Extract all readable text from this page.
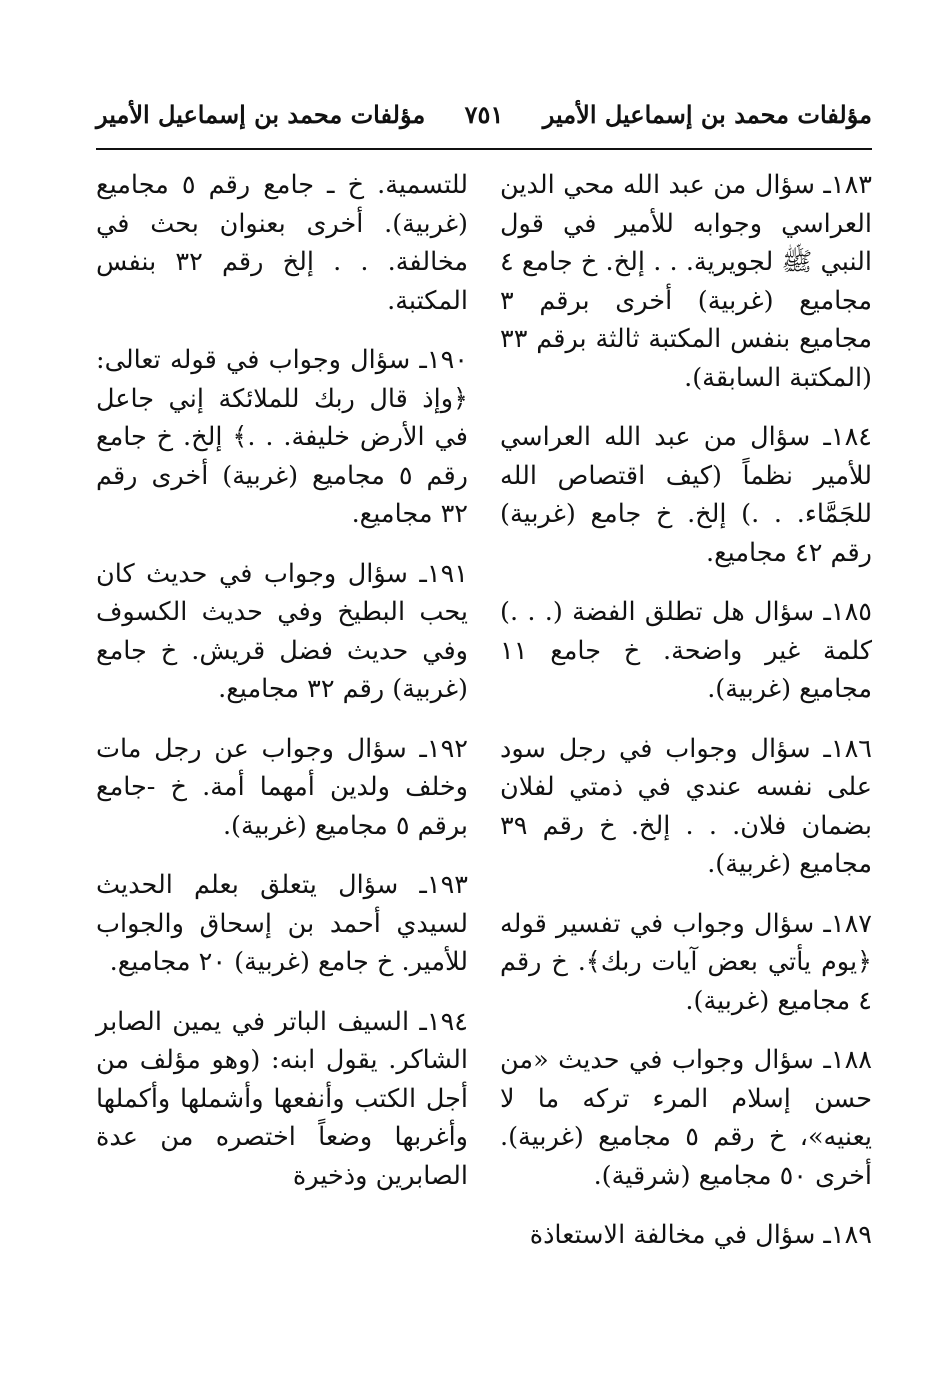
مؤلفات محمد بن إسماعيل الأمير
٧٥١
مؤلفات محمد بن إسماعيل الأمير

١٨٣ـ سؤال من عبد الله محي الدين العراسي وجوابه للأمير في قول النبي ﷺ لجويرية. . . إلخ. خ جامع ٤ مجاميع (غربية) أخرى برقم ٣ مجاميع بنفس المكتبة ثالثة برقم ٣٣ (المكتبة السابقة).

١٨٤ـ سؤال من عبد الله العراسي للأمير نظماً (كيف اقتصاص الله للجَمَّاء. . .) إلخ. خ جامع (غربية) رقم ٤٢ مجاميع.

١٨٥ـ سؤال هل تطلق الفضة (. . .) كلمة غير واضحة. خ جامع ١١ مجاميع (غربية).

١٨٦ـ سؤال وجواب في رجل سود على نفسه عندي في ذمتي لفلان بضمان فلان. . . إلخ. خ رقم ٣٩ مجاميع (غربية).

١٨٧ـ سؤال وجواب في تفسير قوله ﴿يوم يأتي بعض آيات ربك﴾. خ رقم ٤ مجاميع (غربية).

١٨٨ـ سؤال وجواب في حديث «من حسن إسلام المرء تركه ما لا يعنيه»، خ رقم ٥ مجاميع (غربية). أخرى ٥٠ مجاميع (شرقية).

١٨٩ـ سؤال في مخالفة الاستعاذة

للتسمية. خ ـ جامع رقم ٥ مجاميع (غربية). أخرى بعنوان بحث في مخالفة. . . إلخ رقم ٣٢ بنفس المكتبة.

١٩٠ـ سؤال وجواب في قوله تعالى: ﴿وإذ قال ربك للملائكة إني جاعل في الأرض خليفة. . .﴾ إلخ. خ جامع رقم ٥ مجاميع (غربية) أخرى رقم ٣٢ مجاميع.

١٩١ـ سؤال وجواب في حديث كان يحب البطيخ وفي حديث الكسوف وفي حديث فضل قريش. خ جامع (غربية) رقم ٣٢ مجاميع.

١٩٢ـ سؤال وجواب عن رجل مات وخلف ولدين أمهما أمة. خ -جامع برقم ٥ مجاميع (غربية).

١٩٣ـ سؤال يتعلق بعلم الحديث لسيدي أحمد بن إسحاق والجواب للأمير. خ جامع (غربية) ٢٠ مجاميع.

١٩٤ـ السيف الباتر في يمين الصابر الشاكر. يقول ابنه: (وهو مؤلف من أجل الكتب وأنفعها وأشملها وأكملها وأغربها وضعاً اختصره من عدة الصابرين وذخيرة
